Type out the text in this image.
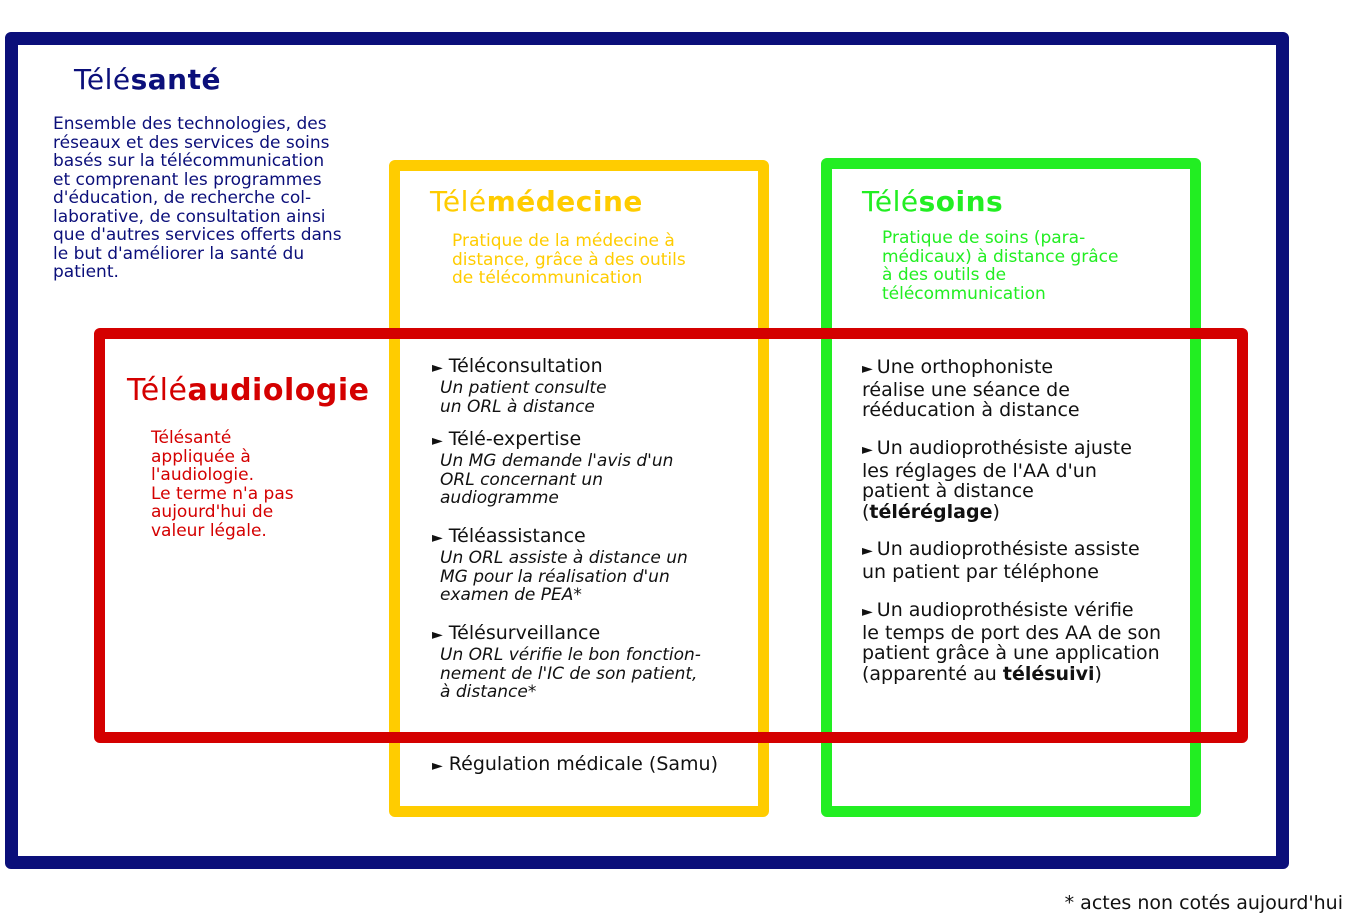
Télésanté
Ensemble des technologies, des
réseaux et des services de soins
basés sur la télécommunication
et comprenant les programmes
d'éducation, de recherche col-
laborative, de consultation ainsi
que d'autres services offerts dans
le but d'améliorer la santé du
patient.
Télémédecine
Pratique de la médecine à
distance, grâce à des outils
de télécommunication
► Téléconsultation
Un patient consulte
un ORL à distance
► Télé-expertise
Un MG demande l'avis d'un
ORL concernant un
audiogramme
► Téléassistance
Un ORL assiste à distance un
MG pour la réalisation d'un
examen de PEA*
► Télésurveillance
Un ORL vérifie le bon fonction-
nement de l'IC de son patient,
à distance*
► Régulation médicale (Samu)
Télésoins
Pratique de soins (para-
médicaux) à distance grâce
à des outils de
télécommunication
► Une orthophoniste
réalise une séance de
rééducation à distance
► Un audioprothésiste ajuste
les réglages de l'AA d'un
patient à distance
(téléréglage)
► Un audioprothésiste assiste
un patient par téléphone
► Un audioprothésiste vérifie
le temps de port des AA de son
patient grâce à une application
(apparenté au télésuivi)
Téléaudiologie
Télésanté
appliquée à
l'audiologie.
Le terme n'a pas
aujourd'hui de
valeur légale.
* actes non cotés aujourd'hui
